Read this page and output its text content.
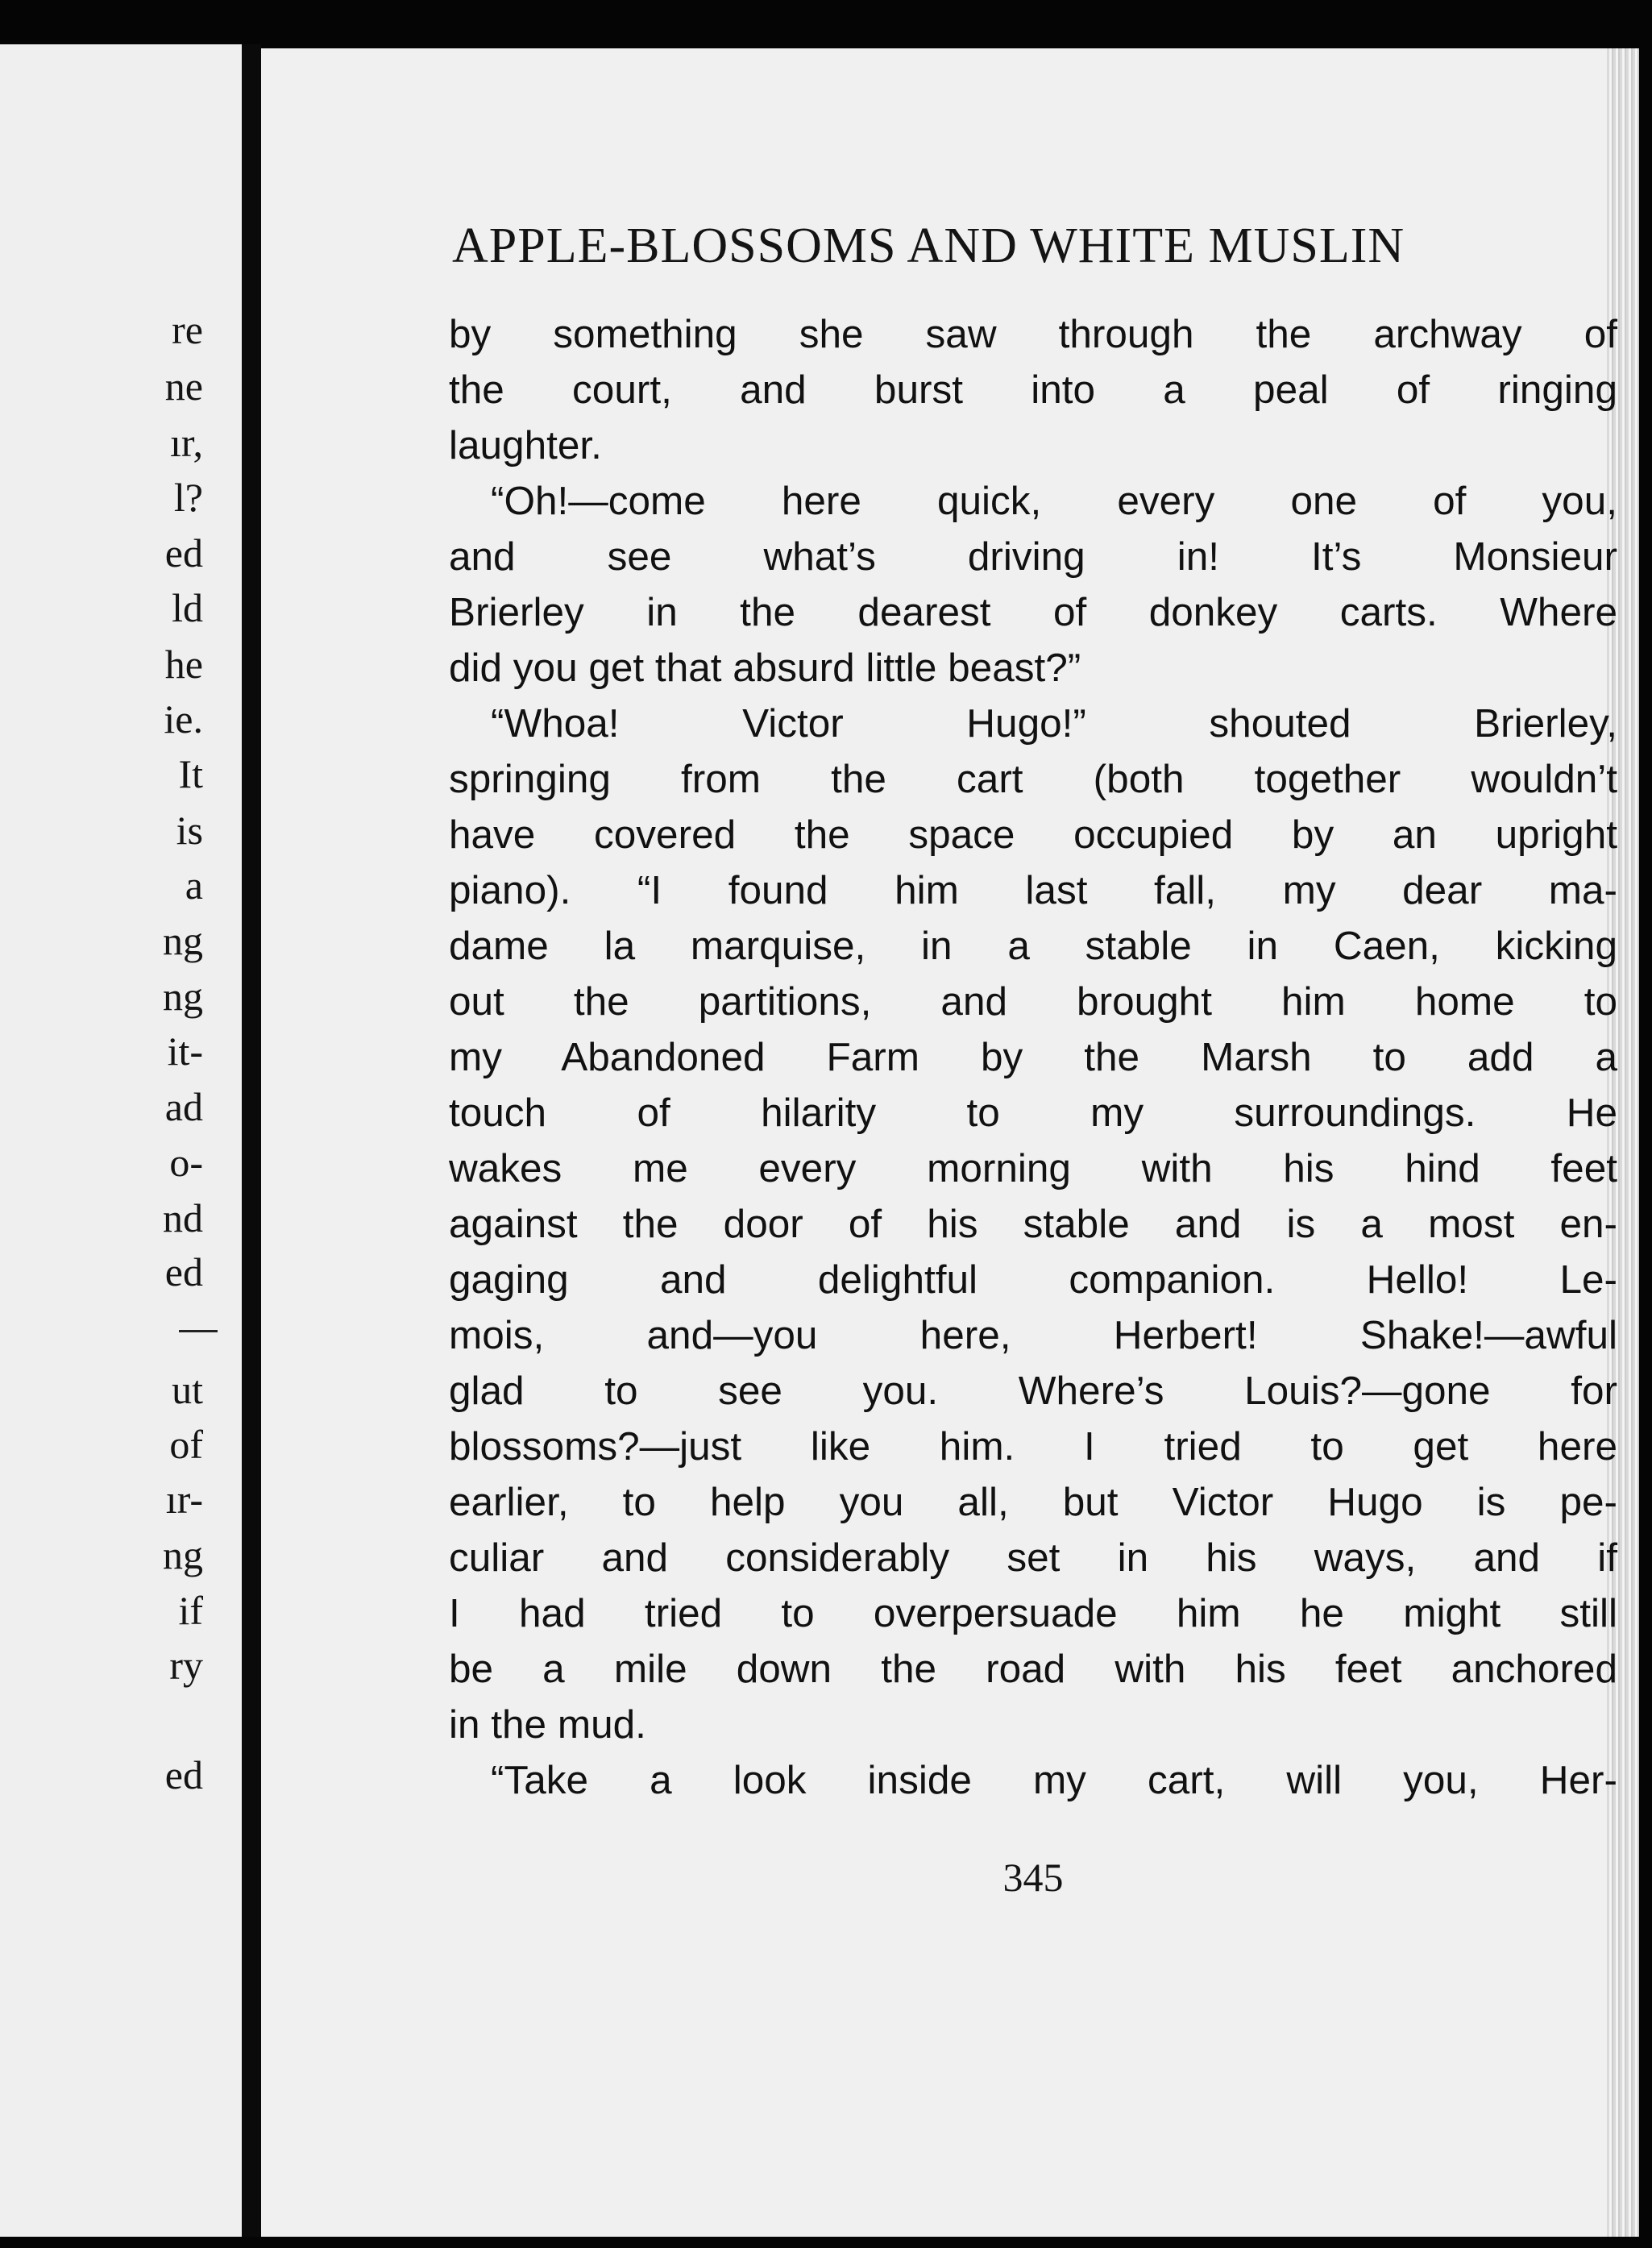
re
ne
ır,
l?
ed
ld
he
ie.
It
is
a
ng
ng
it-
ad
o-
nd
ed
ut
of
ır-
ng
if
ry
ed
APPLE-BLOSSOMS AND WHITE MUSLIN
by something she saw through the archway of
the court, and burst into a peal of ringing
laughter.
“Oh!—come here quick, every one of you,
and see what’s driving in! It’s Monsieur
Brierley in the dearest of donkey carts. Where
did you get that absurd little beast?”
“Whoa! Victor Hugo!” shouted Brierley,
springing from the cart (both together wouldn’t
have covered the space occupied by an upright
piano). “I found him last fall, my dear ma-
dame la marquise, in a stable in Caen, kicking
out the partitions, and brought him home to
my Abandoned Farm by the Marsh to add a
touch of hilarity to my surroundings. He
wakes me every morning with his hind feet
against the door of his stable and is a most en-
gaging and delightful companion. Hello! Le-
mois, and—you here, Herbert! Shake!—awful
glad to see you. Where’s Louis?—gone for
blossoms?—just like him. I tried to get here
earlier, to help you all, but Victor Hugo is pe-
culiar and considerably set in his ways, and if
I had tried to overpersuade him he might still
be a mile down the road with his feet anchored
in the mud.
“Take a look inside my cart, will you, Her-
345
